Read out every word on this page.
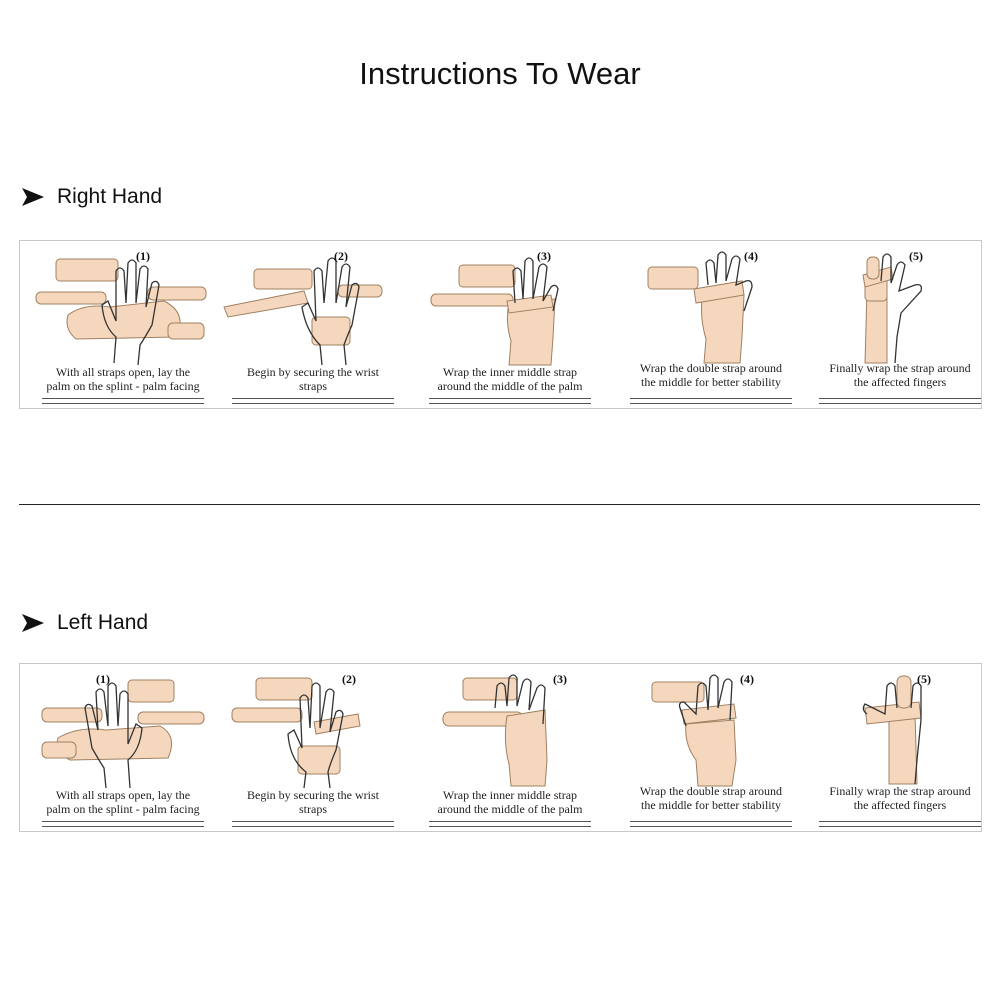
Instructions To Wear
Right Hand
(1)
With all straps open, lay the
palm on the splint - palm facing
(2)
Begin by securing the wrist
straps
(3)
Wrap the inner middle strap
around the middle of the palm
(4)
Wrap the double strap around
the middle for better stability
(5)
Finally wrap the strap around
the affected fingers
Left Hand
(1)
With all straps open, lay the
palm on the splint - palm facing
(2)
Begin by securing the wrist
straps
(3)
Wrap the inner middle strap
around the middle of the palm
(4)
Wrap the double strap around
the middle for better stability
(5)
Finally wrap the strap around
the affected fingers
